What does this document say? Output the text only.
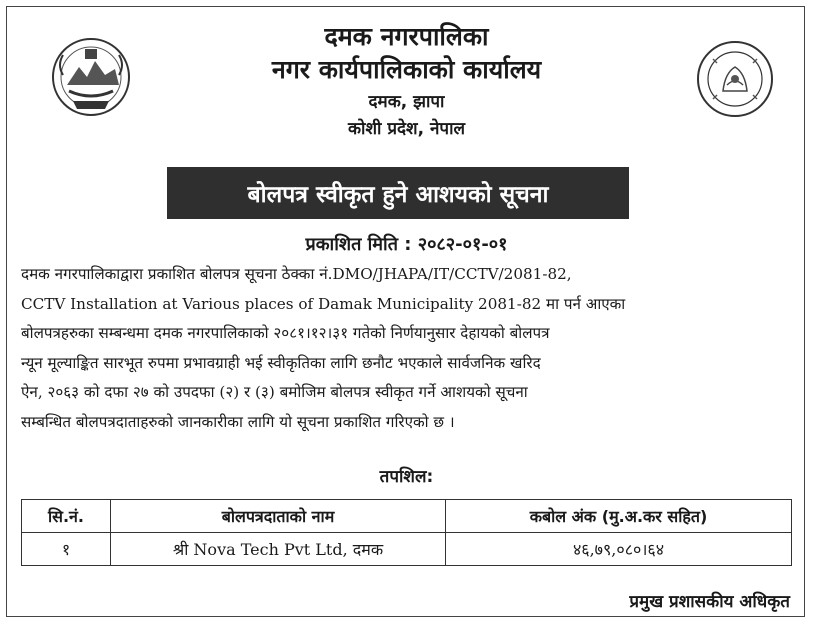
दमक नगरपालिका
नगर कार्यपालिकाको कार्यालय
दमक, झापा
कोशी प्रदेश, नेपाल
बोलपत्र स्वीकृत हुने आशयको सूचना
प्रकाशित मिति : २०८२-०१-०१
दमक नगरपालिकाद्वारा प्रकाशित बोलपत्र सूचना ठेक्का नं.DMO/JHAPA/IT/CCTV/2081-82,
CCTV Installation at Various places of Damak Municipality 2081-82 मा पर्न आएका
बोलपत्रहरुका सम्बन्धमा दमक नगरपालिकाको २०८१।१२।३१ गतेको निर्णयानुसार देहायको बोलपत्र
न्यून मूल्याङ्कित सारभूत रुपमा प्रभावग्राही भई स्वीकृतिका लागि छनौट भएकाले सार्वजनिक खरिद
ऐन, २०६३ को दफा २७ को उपदफा (२) र (३) बमोजिम बोलपत्र स्वीकृत गर्ने आशयको सूचना
सम्बन्धित बोलपत्रदाताहरुको जानकारीका लागि यो सूचना प्रकाशित गरिएको छ ।
तपशिल:
सि.नं.	बोलपत्रदाताको नाम	कबोल अंक (मु.अ.कर सहित)
१	श्री Nova Tech Pvt Ltd, दमक	४६,७९,०८०।६४
प्रमुख प्रशासकीय अधिकृत
